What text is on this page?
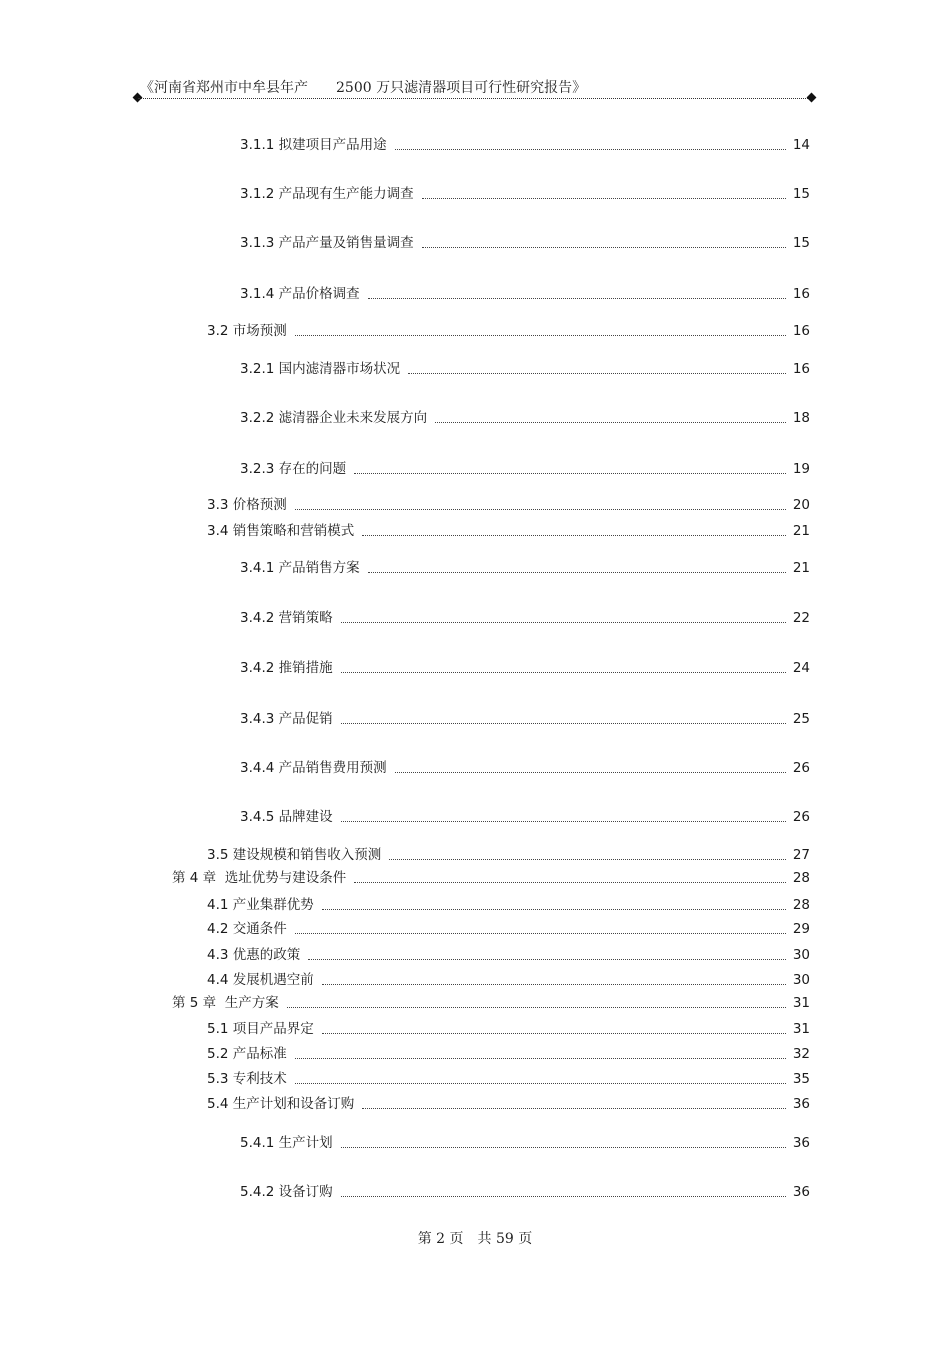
《河南省郑州市中牟县年产 2500 万只滤清器项目可行性研究报告》
3.1.1 拟建项目产品用途	14
3.1.2 产品现有生产能力调查	15
3.1.3 产品产量及销售量调查	15
3.1.4 产品价格调查	16
3.2 市场预测	16
3.2.1 国内滤清器市场状况	16
3.2.2 滤清器企业未来发展方向	18
3.2.3 存在的问题	19
3.3 价格预测	20
3.4 销售策略和营销模式	21
3.4.1 产品销售方案	21
3.4.2 营销策略	22
3.4.2 推销措施	24
3.4.3 产品促销	25
3.4.4 产品销售费用预测	26
3.4.5 品牌建设	26
3.5 建设规模和销售收入预测	27
第 4 章 选址优势与建设条件	28
4.1 产业集群优势	28
4.2 交通条件	29
4.3 优惠的政策	30
4.4 发展机遇空前	30
第 5 章 生产方案	31
5.1 项目产品界定	31
5.2 产品标准	32
5.3 专利技术	35
5.4 生产计划和设备订购	36
5.4.1 生产计划	36
5.4.2 设备订购	36
第 2 页 共 59 页
